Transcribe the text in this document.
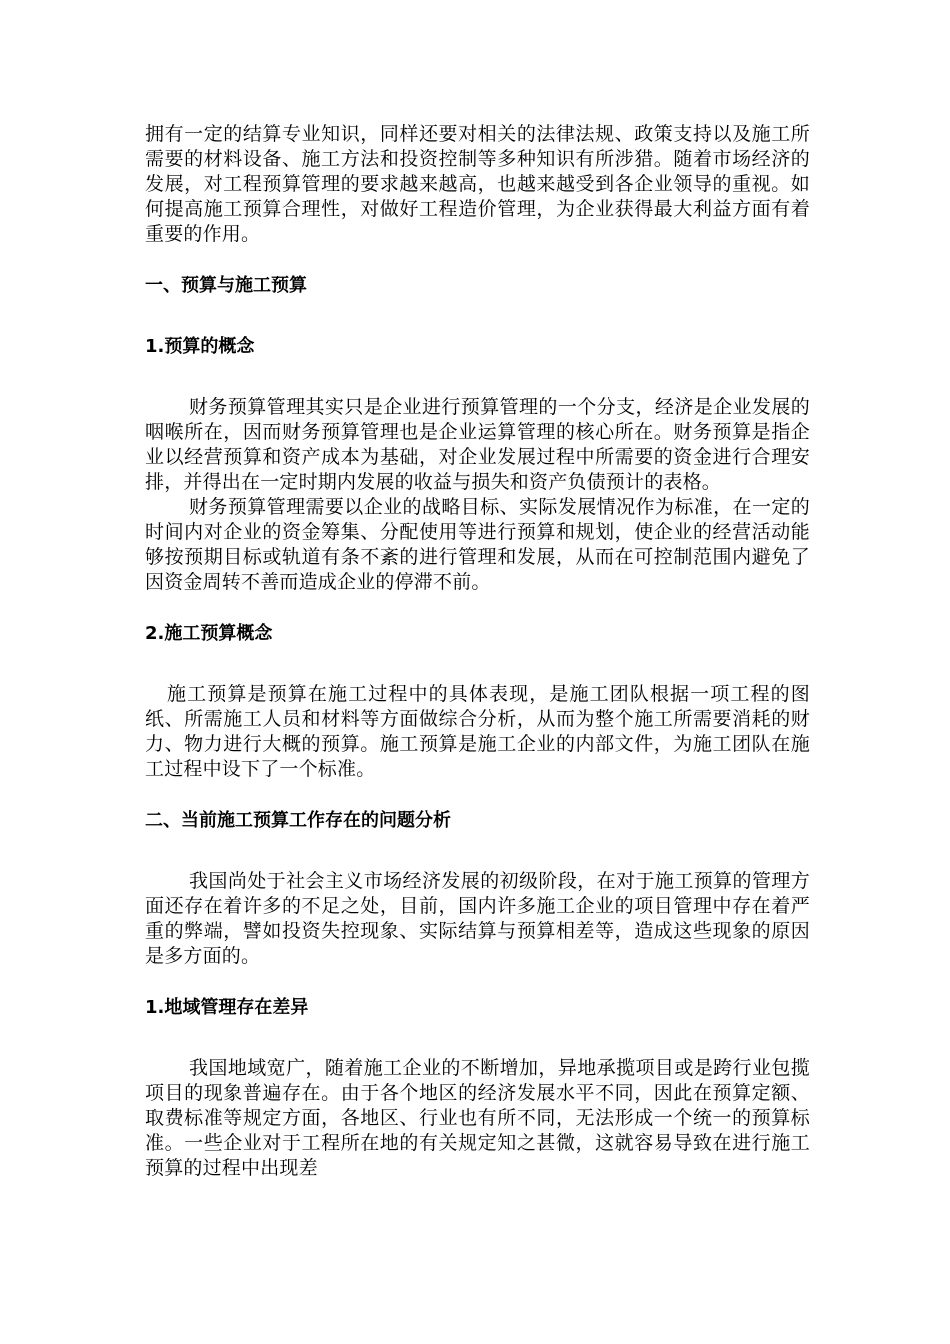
拥有一定的结算专业知识，同样还要对相关的法律法规、政策支持以及施工所需要的材料设备、施工方法和投资控制等多种知识有所涉猎。随着市场经济的发展，对工程预算管理的要求越来越高，也越来越受到各企业领导的重视。如何提高施工预算合理性，对做好工程造价管理，为企业获得最大利益方面有着重要的作用。

一、预算与施工预算
1.预算的概念

财务预算管理其实只是企业进行预算管理的一个分支，经济是企业发展的咽喉所在，因而财务预算管理也是企业运算管理的核心所在。财务预算是指企业以经营预算和资产成本为基础，对企业发展过程中所需要的资金进行合理安排，并得出在一定时期内发展的收益与损失和资产负债预计的表格。

财务预算管理需要以企业的战略目标、实际发展情况作为标准，在一定的时间内对企业的资金筹集、分配使用等进行预算和规划，使企业的经营活动能够按预期目标或轨道有条不紊的进行管理和发展，从而在可控制范围内避免了因资金周转不善而造成企业的停滞不前。

2.施工预算概念

施工预算是预算在施工过程中的具体表现，是施工团队根据一项工程的图纸、所需施工人员和材料等方面做综合分析，从而为整个施工所需要消耗的财力、物力进行大概的预算。施工预算是施工企业的内部文件，为施工团队在施工过程中设下了一个标准。

二、当前施工预算工作存在的问题分析

我国尚处于社会主义市场经济发展的初级阶段，在对于施工预算的管理方面还存在着许多的不足之处，目前，国内许多施工企业的项目管理中存在着严重的弊端，譬如投资失控现象、实际结算与预算相差等，造成这些现象的原因是多方面的。

1.地域管理存在差异

我国地域宽广，随着施工企业的不断增加，异地承揽项目或是跨行业包揽项目的现象普遍存在。由于各个地区的经济发展水平不同，因此在预算定额、取费标准等规定方面，各地区、行业也有所不同，无法形成一个统一的预算标准。一些企业对于工程所在地的有关规定知之甚微，这就容易导致在进行施工预算的过程中出现差
